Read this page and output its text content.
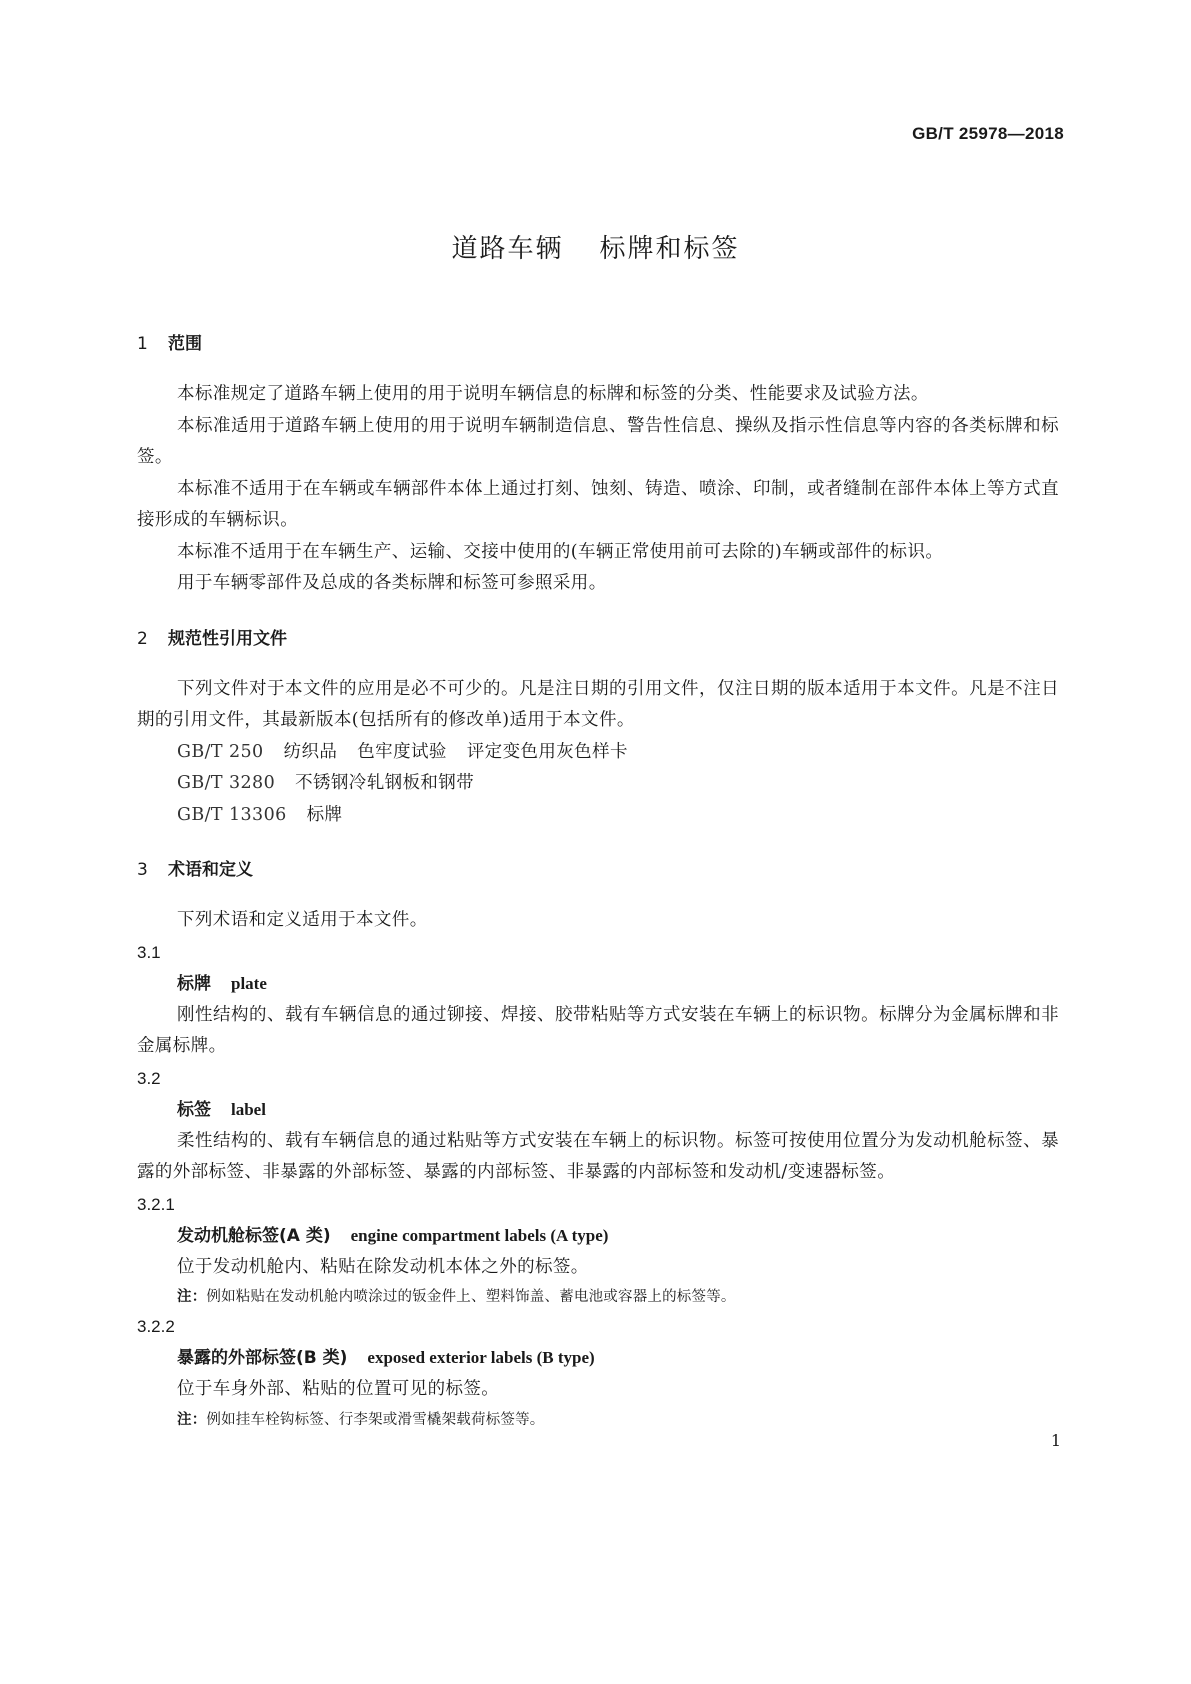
GB/T 25978—2018
道路车辆 标牌和标签
1 范围
本标准规定了道路车辆上使用的用于说明车辆信息的标牌和标签的分类、性能要求及试验方法。
本标准适用于道路车辆上使用的用于说明车辆制造信息、警告性信息、操纵及指示性信息等内容的各类标牌和标签。
本标准不适用于在车辆或车辆部件本体上通过打刻、蚀刻、铸造、喷涂、印制，或者缝制在部件本体上等方式直接形成的车辆标识。
本标准不适用于在车辆生产、运输、交接中使用的(车辆正常使用前可去除的)车辆或部件的标识。
用于车辆零部件及总成的各类标牌和标签可参照采用。
2 规范性引用文件
下列文件对于本文件的应用是必不可少的。凡是注日期的引用文件，仅注日期的版本适用于本文件。凡是不注日期的引用文件，其最新版本(包括所有的修改单)适用于本文件。
GB/T 250 纺织品 色牢度试验 评定变色用灰色样卡
GB/T 3280 不锈钢冷轧钢板和钢带
GB/T 13306 标牌
3 术语和定义
下列术语和定义适用于本文件。
3.1
标牌 plate
刚性结构的、载有车辆信息的通过铆接、焊接、胶带粘贴等方式安装在车辆上的标识物。标牌分为金属标牌和非金属标牌。
3.2
标签 label
柔性结构的、载有车辆信息的通过粘贴等方式安装在车辆上的标识物。标签可按使用位置分为发动机舱标签、暴露的外部标签、非暴露的外部标签、暴露的内部标签、非暴露的内部标签和发动机/变速器标签。
3.2.1
发动机舱标签(A 类) engine compartment labels (A type)
位于发动机舱内、粘贴在除发动机本体之外的标签。
注：例如粘贴在发动机舱内喷涂过的钣金件上、塑料饰盖、蓄电池或容器上的标签等。
3.2.2
暴露的外部标签(B 类) exposed exterior labels (B type)
位于车身外部、粘贴的位置可见的标签。
注：例如挂车栓钩标签、行李架或滑雪橇架载荷标签等。
1
